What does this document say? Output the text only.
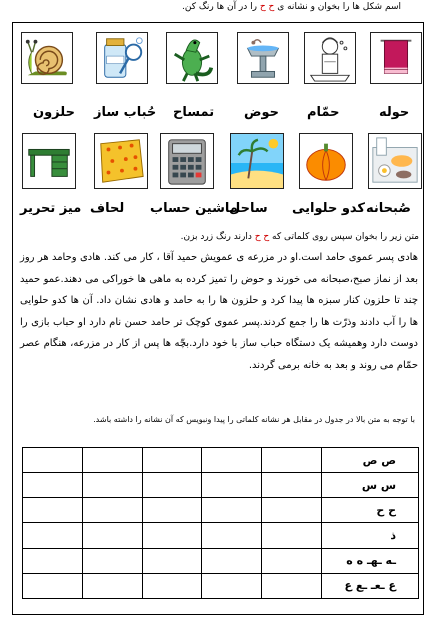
اسم شکل ها را بخوان و نشانه ی ح ح را در آن ها رنگ کن.
حلزون حُباب ساز تمساح حوض حمّام	حوله
میز تحریر لحاف ماشین حساب
ساحل کدو حلوایی صُبحانه
متن زیر را بخوان سپس روی کلماتی که ح ح دارند رنگ زرد بزن.
هادی پسر عموی حامد است.او در مزرعه ی عمویش حمید آقا ، کار می کند. هادی وحامد هر روز بعد از نماز صبح،صبحانه می خورند و حوض را تمیز کرده به ماهی ها خوراکی می دهند.عمو حمید چند تا حلزون کنار سبزه ها پیدا کرد و حلزون ها را به حامد و هادی نشان داد. آن ها کدو حلوایی ها را آب دادند وذرّت ها را جمع کردند.پسر عموی کوچک تر حامد حسن نام دارد او حباب بازی را دوست دارد وهمیشه یک دستگاه حباب ساز با خود دارد.بچّه ها پس از کار در مزرعه، هنگام عصر حمّام می روند و بعد به خانه برمی گردند.
با توجه به متن بالا در جدول در مقابل هر نشانه کلماتی را پیدا ونبویس که آن نشانه را داشته باشد.
					ص ص
					س س
					ح ح
					ذ
					ـه ـهـ ه ه
					ع ـعـ ـع ع
